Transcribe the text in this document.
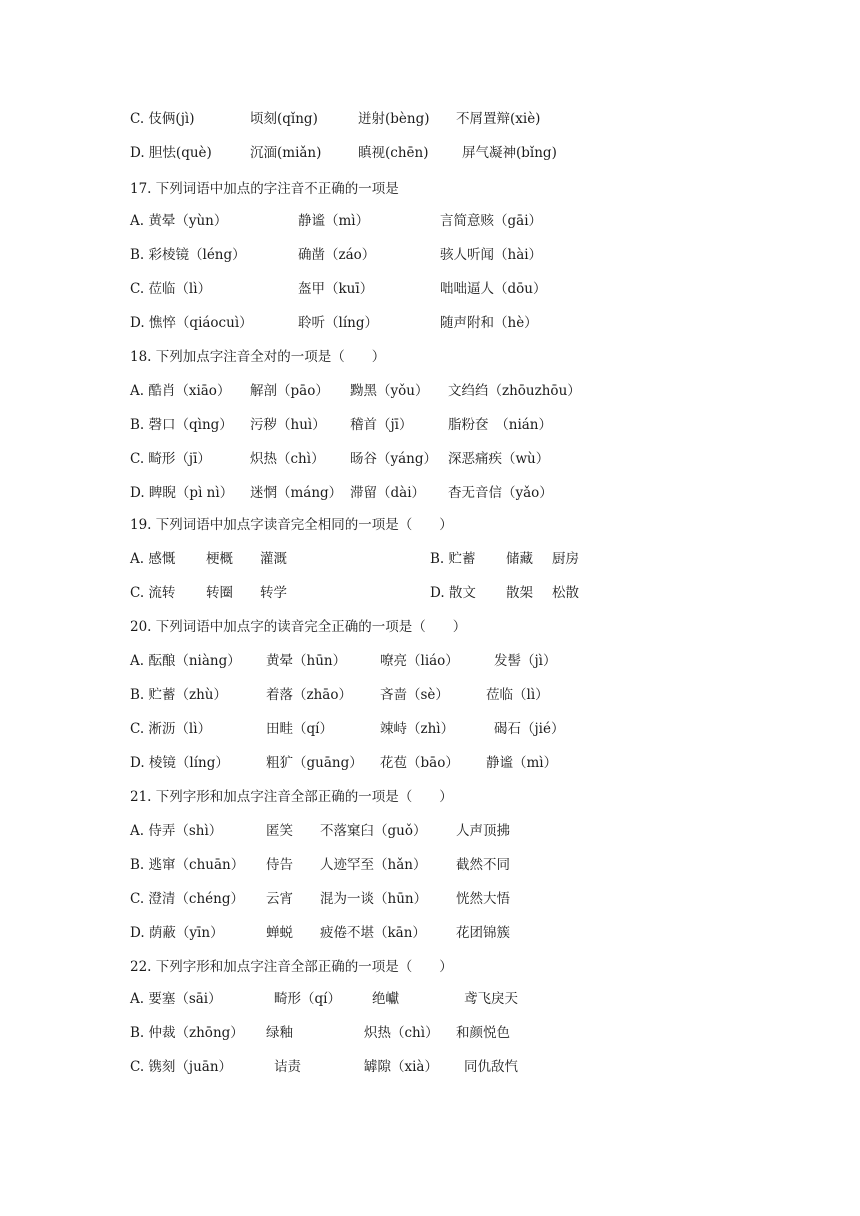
C. 伎俩(jì)	顷刻(qǐng)	迸射(bèng) 不屑置辩(xiè)
D. 胆怯(què)	沉湎(miǎn)	瞋视(chēn) 屏气凝神(bǐng)
17. 下列词语中加点的字注音不正确的一项是
A. 黄晕（yùn）	静谧（mì）	言简意赅（gāi）
B. 彩棱镜（léng）	确凿（záo）	骇人听闻（hài）
C. 莅临（lì）	盔甲（kuī）	咄咄逼人（dōu）
D. 憔悴（qiáocuì）	聆听（líng）	随声附和（hè）
18. 下列加点字注音全对的一项是（　　）
A. 酷肖（xiāo） 解剖（pāo） 黝黑（yǒu） 文绉绉（zhōuzhōu）
B. 磬口（qìng） 污秽（huì） 稽首（jī）	脂粉奁　（nián）
C. 畸形（jī）	炽热（chì） 旸谷（yáng） 深恶痛疾（wù）
D. 睥睨（pì nì） 迷惘（máng） 滞留（dài） 杳无音信（yǎo）
19. 下列词语中加点字读音完全相同的一项是（　　）
A. 感慨 梗概 灌溉	B. 贮蓄 储藏 厨房
C. 流转 转圈 转学	D. 散文 散架 松散
20. 下列词语中加点字的读音完全正确的一项是（　　）
A. 酝酿（niàng） 黄晕（hūn）	嘹亮（liáo）	发髻（jì）
B. 贮蓄（zhù）	着落（zhāo） 吝啬（sè）	莅临（lì）
C. 淅沥（lì）	田畦（qí）	竦峙（zhì）	碣石（jié）
D. 棱镜（líng）	粗犷（guāng） 花苞（bāo） 静谧（mì）
21. 下列字形和加点字注音全部正确的一项是（　　）
A. 侍弄（shì）	匿笑 不落窠臼（guǒ） 人声顶拂
B. 逃窜（chuān） 侍告 人迹罕至（hǎn） 截然不同
C. 澄清（chéng） 云宵 混为一谈（hūn） 恍然大悟
D. 荫蔽（yīn）	蝉蜕 疲倦不堪（kān） 花团锦簇
22. 下列字形和加点字注音全部正确的一项是（　　）
A. 要塞（sāi）	畸形（qí） 绝巘	鸢飞戾天
B. 仲裁（zhōng） 绿釉	炽热（chì） 和颜悦色
C. 镌刻（juān）	诘责	罅隙（xià） 同仇敌忾
